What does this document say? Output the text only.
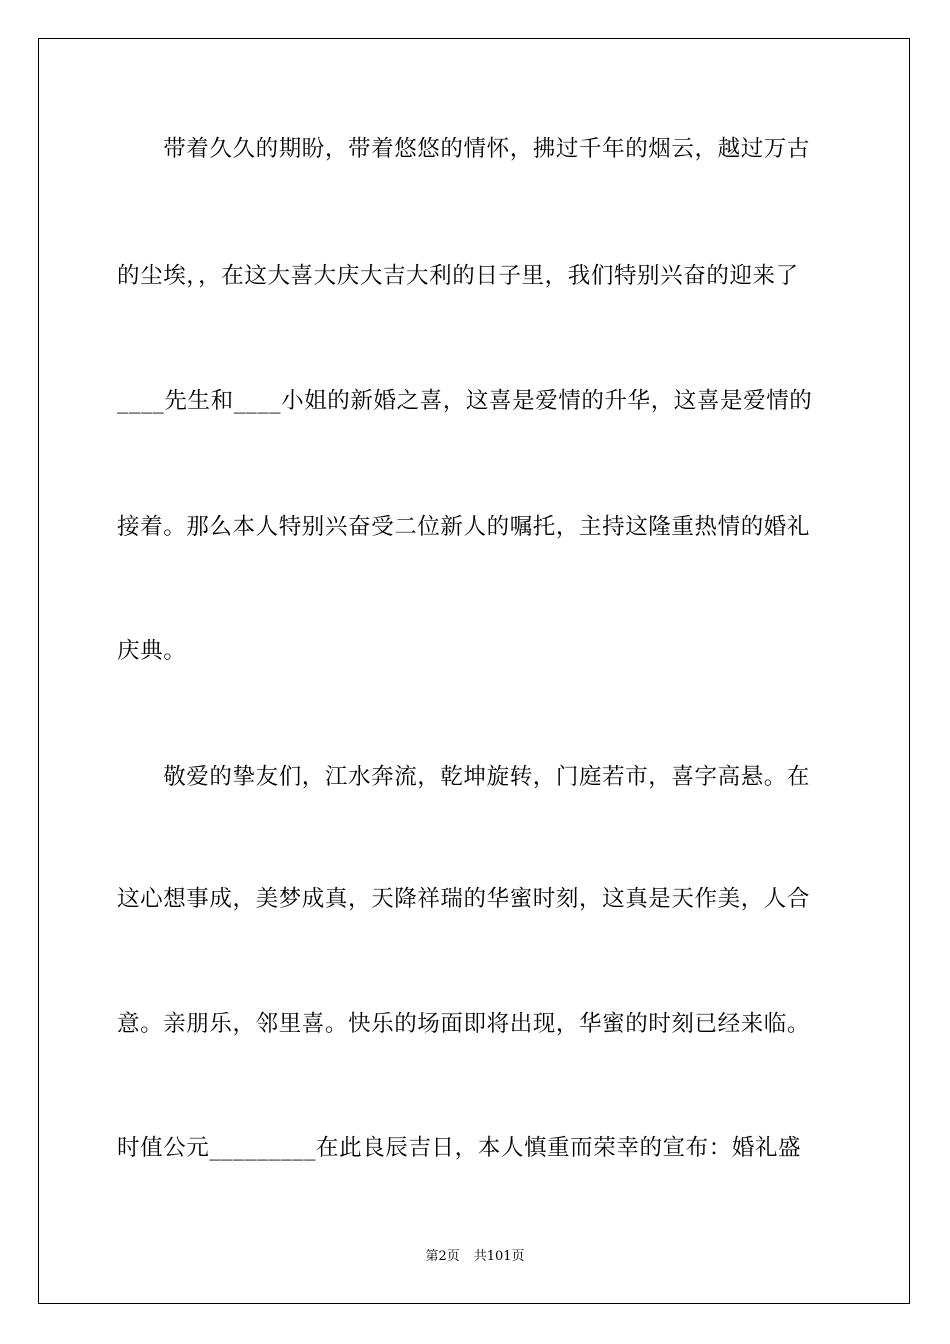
　　带着久久的期盼，带着悠悠的情怀，拂过千年的烟云，越过万古
的尘埃，，在这大喜大庆大吉大利的日子里，我们特别兴奋的迎来了
____先生和____小姐的新婚之喜，这喜是爱情的升华，这喜是爱情的
接着。那么本人特别兴奋受二位新人的嘱托，主持这隆重热情的婚礼
庆典。
　　敬爱的挚友们，江水奔流，乾坤旋转，门庭若市，喜字高悬。在
这心想事成，美梦成真，天降祥瑞的华蜜时刻，这真是天作美，人合
意。亲朋乐，邻里喜。快乐的场面即将出现，华蜜的时刻已经来临。
时值公元_________在此良辰吉日，本人慎重而荣幸的宣布：婚礼盛
第2页 共101页
